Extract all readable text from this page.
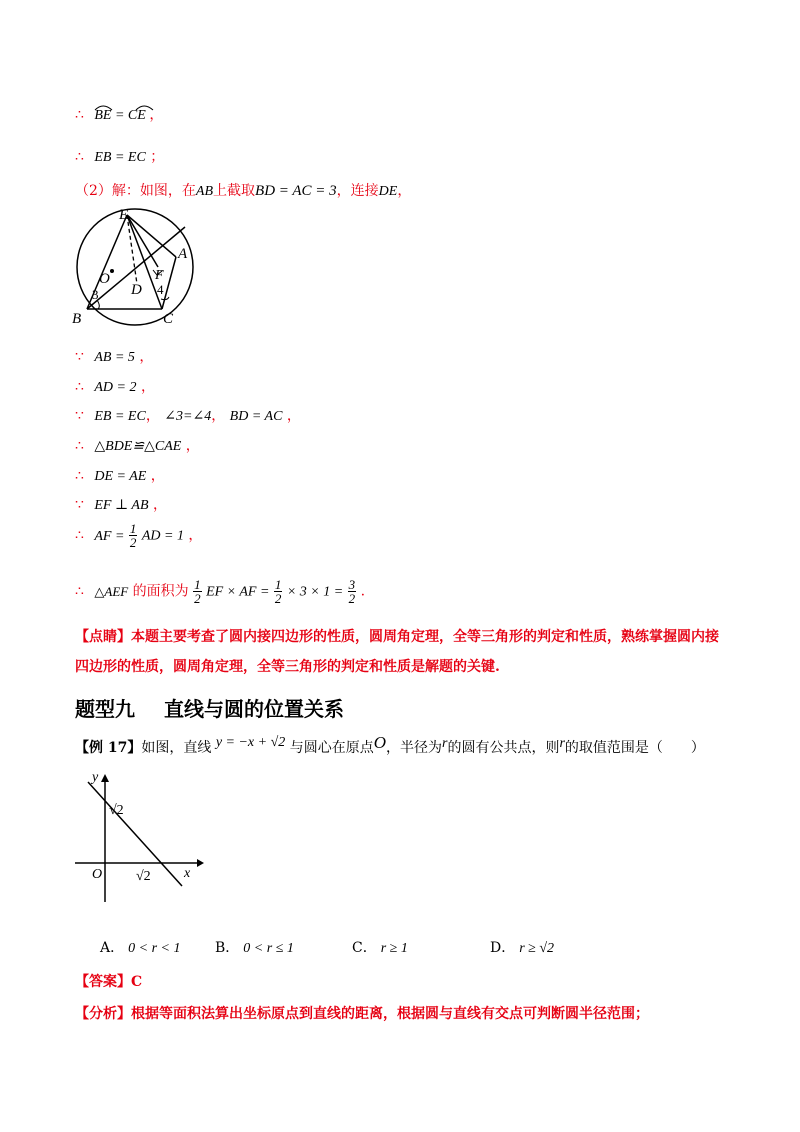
∴ BE = CE ，
∴ EB = EC ；
（2）解：如图，在AB上截取BD = AC = 3，连接DE，
E
A
O
D
F
B	C
3	4
∵ AB = 5 ，
∴ AD = 2 ，
∵ EB = EC， ∠3=∠4， BD = AC ，
∴ △BDE≌△CAE ，
∴ DE = AE ，
∵ EF ⊥ AB ，
∴ AF = $\frac{1}{2}$ AD = 1 ，
∴ △AEF 的面积为 $\frac{1}{2}$ EF × AF = $\frac{1}{2} \times 3 \times 1 = \frac{3}{2}$ .
【点睛】本题主要考查了圆内接四边形的性质，圆周角定理，全等三角形的判定和性质，熟练掌握圆内接
四边形的性质，圆周角定理，全等三角形的判定和性质是解题的关键.
题型九 直线与圆的位置关系
【例 17】如图，直线 y = −x + √2 与圆心在原点O，半径为r的圆有公共点，则r的取值范围是（　　）
y
x
O
√2
√2
A． 0 < r < 1 B． 0 < r ≤ 1	C． r ≥ 1	D． r ≥ √2
【答案】C
【分析】根据等面积法算出坐标原点到直线的距离，根据圆与直线有交点可判断圆半径范围；
